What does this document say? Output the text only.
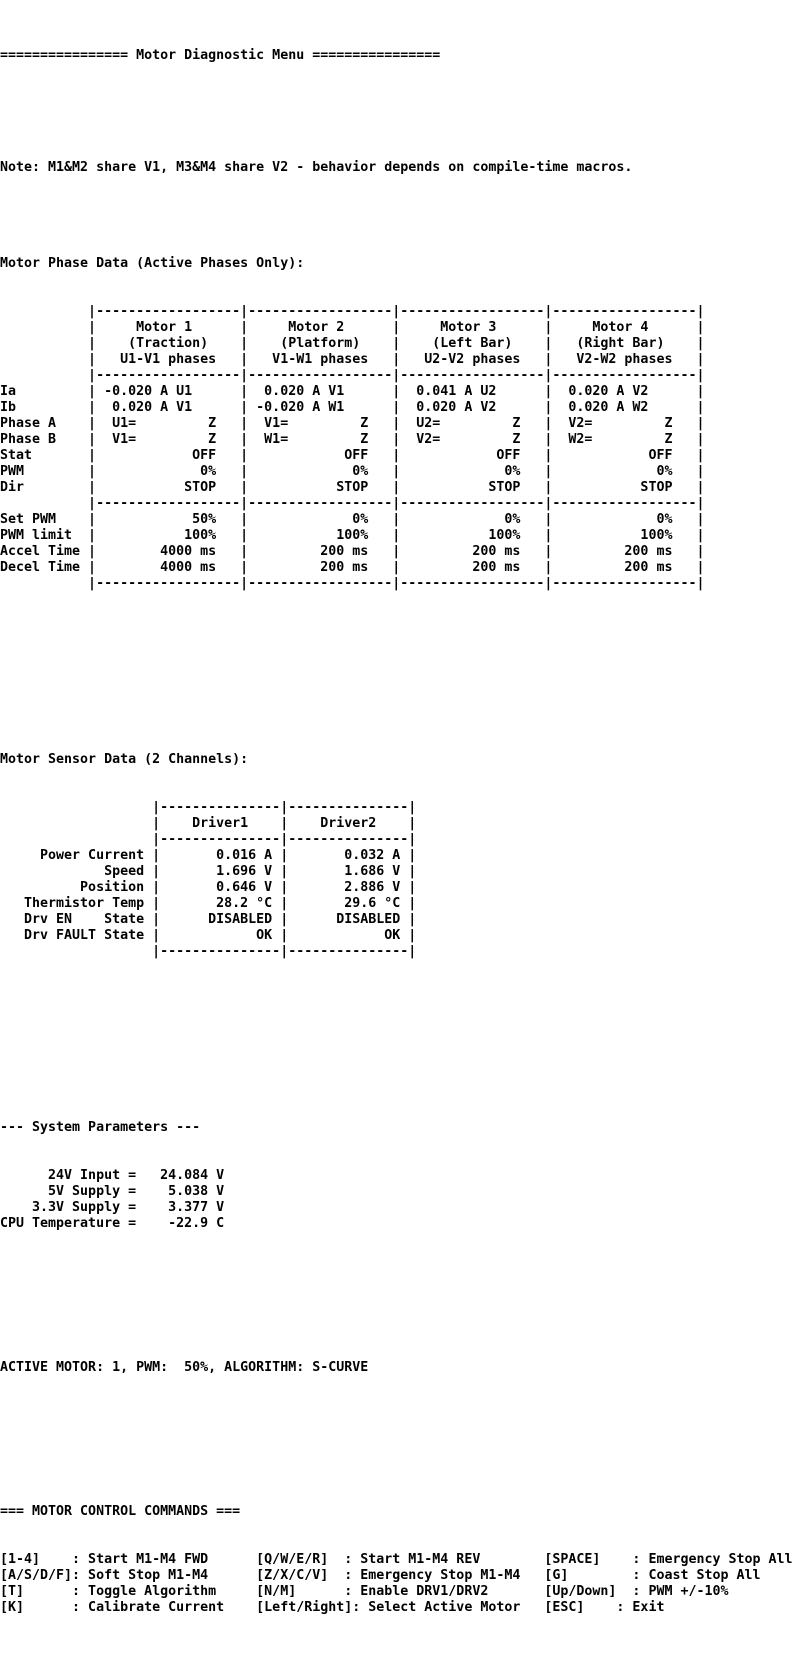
================ Motor Diagnostic Menu ================

Note: M1&M2 share V1, M3&M4 share V2 - behavior depends on compile-time macros.

Motor Phase Data (Active Phases Only):

|------------------|------------------|------------------|------------------|
|     Motor 1      |     Motor 2      |     Motor 3      |     Motor 4      |
|    (Traction)    |    (Platform)    |    (Left Bar)    |   (Right Bar)    |
|   U1-V1 phases   |   V1-W1 phases   |   U2-V2 phases   |   V2-W2 phases   |
|------------------|------------------|------------------|------------------|
Ia         | -0.020 A U1      |  0.020 A V1      |  0.041 A U2      |  0.020 A V2      |
Ib         |  0.020 A V1      | -0.020 A W1      |  0.020 A V2      |  0.020 A W2      |
Phase A    |  U1=         Z   |  V1=         Z   |  U2=         Z   |  V2=         Z   |
Phase B    |  V1=         Z   |  W1=         Z   |  V2=         Z   |  W2=         Z   |
Stat       |            OFF   |            OFF   |            OFF   |            OFF   |
PWM        |             0%   |             0%   |             0%   |             0%   |
Dir        |           STOP   |           STOP   |           STOP   |           STOP   |
|------------------|------------------|------------------|------------------|
Set PWM    |            50%   |             0%   |             0%   |             0%   |
PWM limit  |           100%   |           100%   |           100%   |           100%   |
Accel Time |        4000 ms   |         200 ms   |         200 ms   |         200 ms   |
Decel Time |        4000 ms   |         200 ms   |         200 ms   |         200 ms   |
|------------------|------------------|------------------|------------------|

Motor Sensor Data (2 Channels):

|---------------|---------------|
|    Driver1    |    Driver2    |
|---------------|---------------|
Power Current |       0.016 A |       0.032 A |
Speed |       1.696 V |       1.686 V |
Position |       0.646 V |       2.886 V |
Thermistor Temp |       28.2 °C |       29.6 °C |
Drv EN    State |      DISABLED |      DISABLED |
Drv FAULT State |            OK |            OK |
|---------------|---------------|

--- System Parameters ---

24V Input =   24.084 V
5V Supply =    5.038 V
3.3V Supply =    3.377 V
CPU Temperature =    -22.9 C

ACTIVE MOTOR: 1, PWM:  50%, ALGORITHM: S-CURVE

=== MOTOR CONTROL COMMANDS ===

[1-4]    : Start M1-M4 FWD      [Q/W/E/R]  : Start M1-M4 REV        [SPACE]    : Emergency Stop All
[A/S/D/F]: Soft Stop M1-M4      [Z/X/C/V]  : Emergency Stop M1-M4   [G]        : Coast Stop All
[T]      : Toggle Algorithm     [N/M]      : Enable DRV1/DRV2       [Up/Down]  : PWM +/-10%
[K]      : Calibrate Current    [Left/Right]: Select Active Motor   [ESC]    : Exit
